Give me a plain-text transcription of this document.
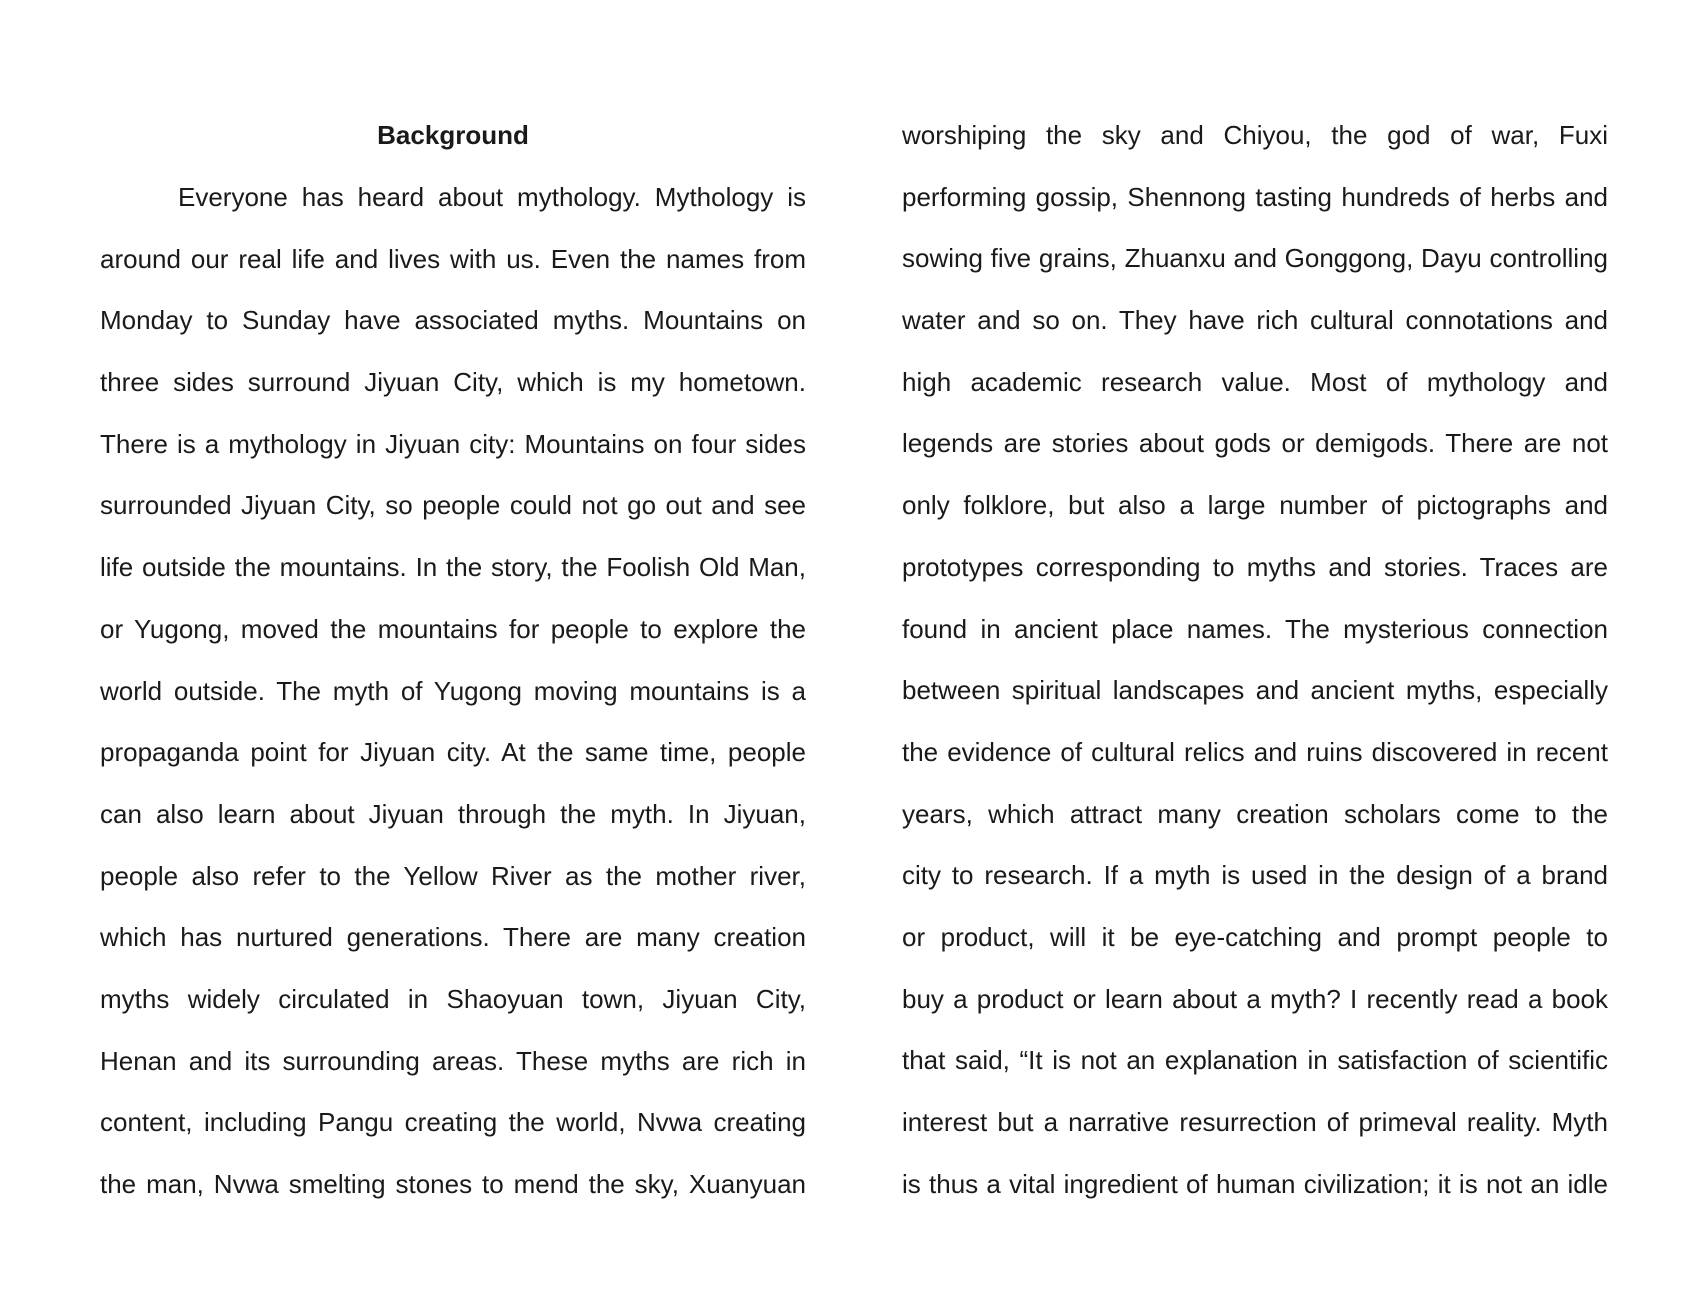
Background
Everyone has heard about mythology. Mythology is
around our real life and lives with us. Even the names from
Monday to Sunday have associated myths. Mountains on
three sides surround Jiyuan City, which is my hometown.
There is a mythology in Jiyuan city: Mountains on four sides
surrounded Jiyuan City, so people could not go out and see
life outside the mountains. In the story, the Foolish Old Man,
or Yugong, moved the mountains for people to explore the
world outside. The myth of Yugong moving mountains is a
propaganda point for Jiyuan city. At the same time, people
can also learn about Jiyuan through the myth. In Jiyuan,
people also refer to the Yellow River as the mother river,
which has nurtured generations. There are many creation
myths widely circulated in Shaoyuan town, Jiyuan City,
Henan and its surrounding areas. These myths are rich in
content, including Pangu creating the world, Nvwa creating
the man, Nvwa smelting stones to mend the sky, Xuanyuan
worshiping the sky and Chiyou, the god of war, Fuxi
performing gossip, Shennong tasting hundreds of herbs and
sowing five grains, Zhuanxu and Gonggong, Dayu controlling
water and so on. They have rich cultural connotations and
high academic research value. Most of mythology and
legends are stories about gods or demigods. There are not
only folklore, but also a large number of pictographs and
prototypes corresponding to myths and stories. Traces are
found in ancient place names. The mysterious connection
between spiritual landscapes and ancient myths, especially
the evidence of cultural relics and ruins discovered in recent
years, which attract many creation scholars come to the
city to research. If a myth is used in the design of a brand
or product, will it be eye-catching and prompt people to
buy a product or learn about a myth? I recently read a book
that said, “It is not an explanation in satisfaction of scientific
interest but a narrative resurrection of primeval reality. Myth
is thus a vital ingredient of human civilization; it is not an idle
